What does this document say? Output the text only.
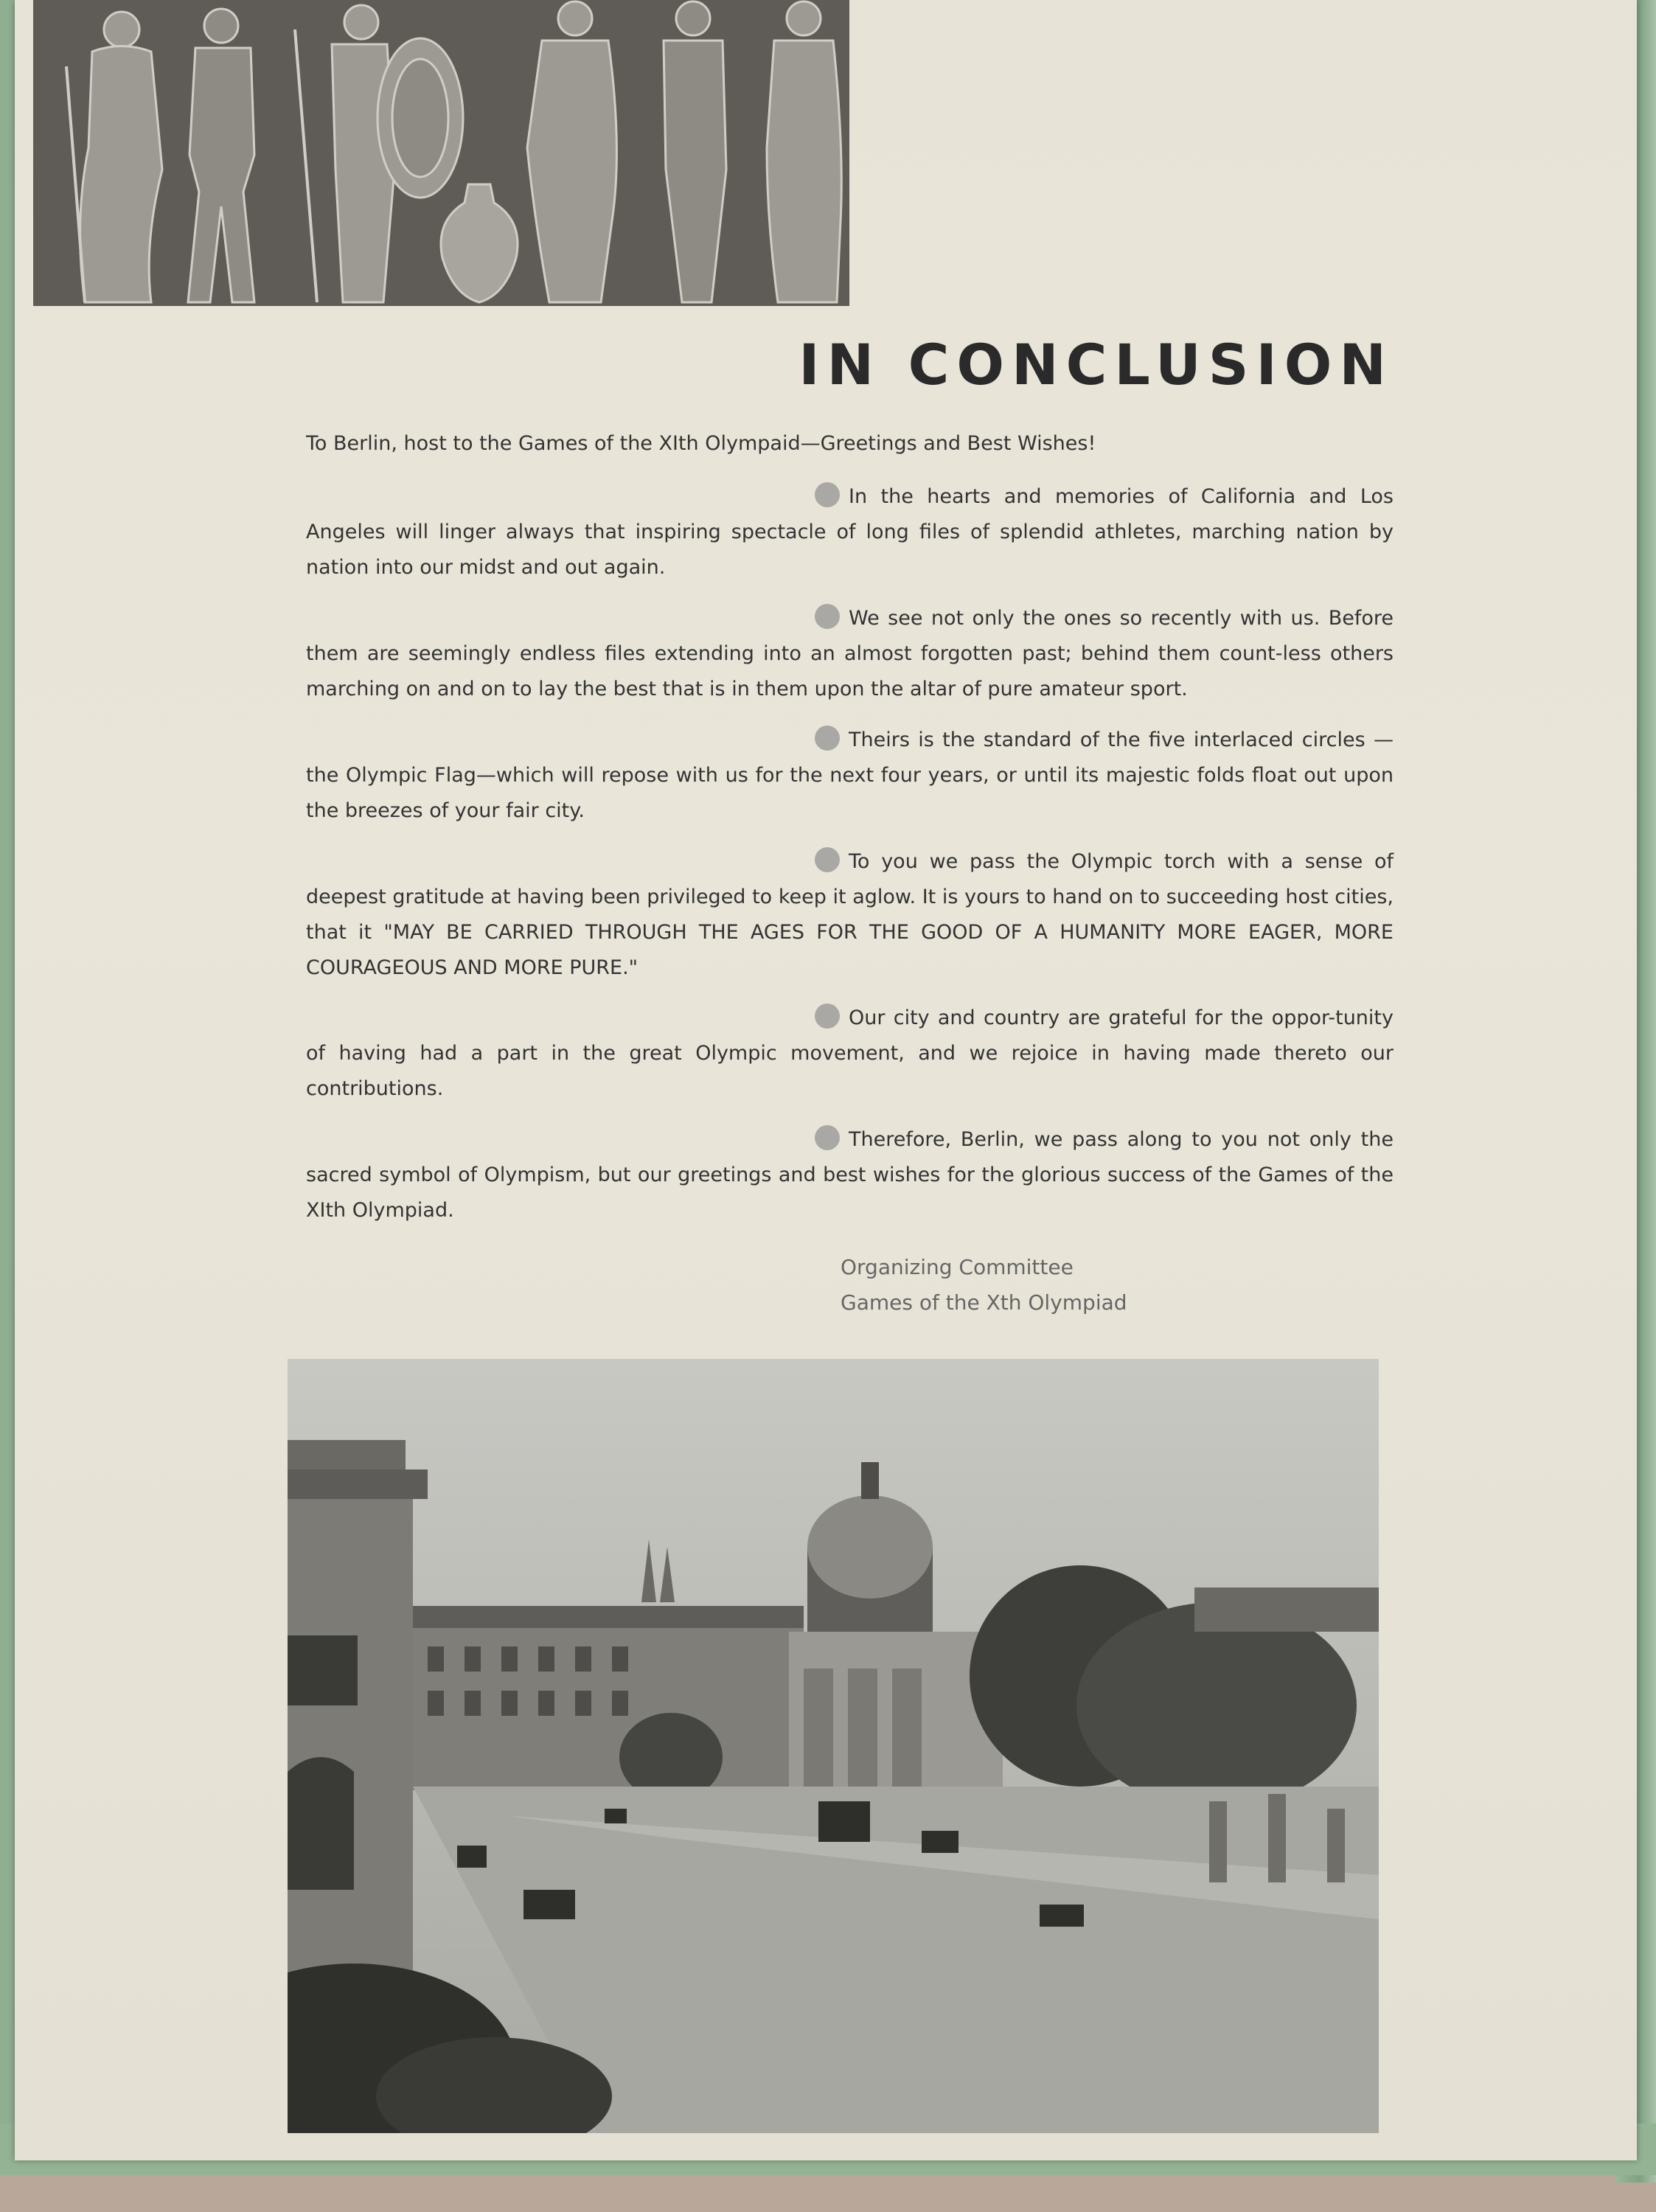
IN CONCLUSION

To Berlin, host to the Games of the XIth Olympaid—Greetings and Best Wishes!

In the hearts and memories of California and Los Angeles will linger always that inspiring spectacle of long files of splendid athletes, marching nation by nation into our midst and out again.

We see not only the ones so recently with us. Before them are seemingly endless files extending into an almost forgotten past; behind them count-less others marching on and on to lay the best that is in them upon the altar of pure amateur sport.

Theirs is the standard of the five interlaced circles —the Olympic Flag—which will repose with us for the next four years, or until its majestic folds float out upon the breezes of your fair city.

To you we pass the Olympic torch with a sense of deepest gratitude at having been privileged to keep it aglow. It is yours to hand on to succeeding host cities, that it "MAY BE CARRIED THROUGH THE AGES FOR THE GOOD OF A HUMANITY MORE EAGER, MORE COURAGEOUS AND MORE PURE."

Our city and country are grateful for the oppor-tunity of having had a part in the great Olympic movement, and we rejoice in having made thereto our contributions.

Therefore, Berlin, we pass along to you not only the sacred symbol of Olympism, but our greetings and best wishes for the glorious success of the Games of the XIth Olympiad.

Organizing Committee
Games of the Xth Olympiad
